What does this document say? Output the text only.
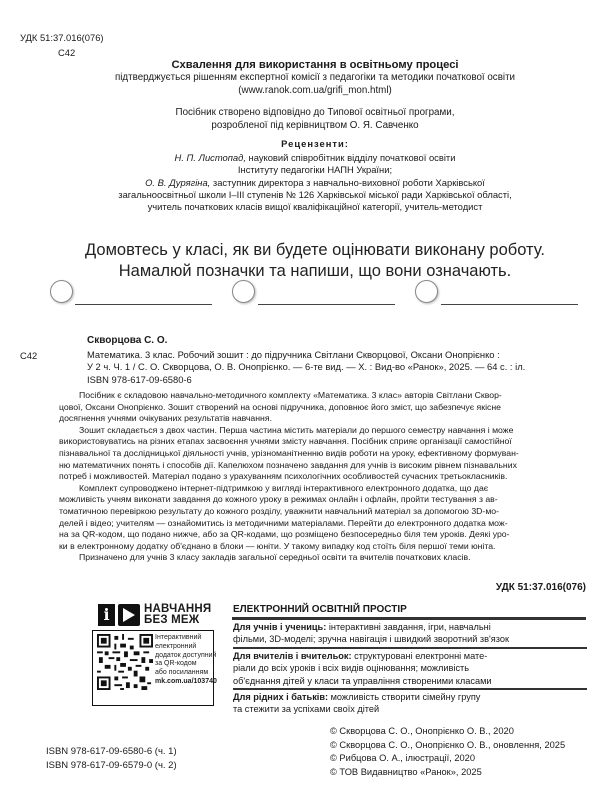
УДК 51:37.016(076)
C42
Схвалення для використання в освітньому процесі
підтверджується рішенням експертної комісії з педагогіки та методики початкової освіти
(www.ranok.com.ua/grifi_mon.html)
Посібник створено відповідно до Типової освітньої програми,
розробленої під керівництвом О. Я. Савченко
Рецензенти:
Н. П. Листопад, науковий співробітник відділу початкової освіти
Інституту педагогіки НАПН України;
О. В. Дурягіна, заступник директора з навчально-виховної роботи Харківської
загальноосвітньої школи I–III ступенів № 126 Харківської міської ради Харківської області,
учитель початкових класів вищої кваліфікаційної категорії, учитель-методист
Домовтесь у класі, як ви будете оцінювати виконану роботу.
Намалюй позначки та напиши, що вони означають.
Скворцова С. О.
С42	Математика. 3 клас. Робочий зошит : до підручника Світлани Скворцової, Оксани Онопрієнко :
У 2 ч. Ч. 1 / С. О. Скворцова, О. В. Онопрієнко. — 6-те вид. — Х. : Вид-во «Ранок», 2025. — 64 с. : іл.
ISBN 978-617-09-6580-6
Посібник є складовою навчально-методичного комплекту «Математика. 3 клас» авторів Світлани Сквор-
цової, Оксани Онопрієнко. Зошит створений на основі підручника, доповнює його зміст, що забезпечує якісне
досягнення учнями очікуваних результатів навчання.
Зошит складається з двох частин. Перша частина містить матеріали до першого семестру навчання і може
використовуватись на різних етапах засвоєння учнями змісту навчання. Посібник сприяє організації самостійної
пізнавальної та дослідницької діяльності учнів, урізноманітненню видів роботи на уроку, ефективному формуван-
ню математичних понять і способів дії. Капелюхом позначено завдання для учнів із високим рівнем пізнавальних
потреб і можливостей. Матеріал подано з урахуванням психологічних особливостей сучасних третьокласників.
Комплект супроводжено інтернет-підтримкою у вигляді інтерактивного електронного додатка, що дає
можливість учням виконати завдання до кожного уроку в режимах онлайн і офлайн, пройти тестування з ав-
томатичною перевіркою результату до кожного розділу, уважнити навчальний матеріал за допомогою 3D-мо-
делей і відео; учителям — ознайомитись із методичними матеріалами. Перейти до електронного додатка мож-
на за QR-кодом, що подано нижче, або за QR-кодами, що розміщено безпосередньо біля тем уроків. Деякі уро-
ки в електронному додатку об'єднано в блоки — юніти. У такому випадку код стоїть біля першої теми юніта.
Призначено для учнів 3 класу закладів загальної середньої освіти та вчителів початкових класів.
УДК 51:37.016(076)
i	НАВЧАННЯ
БЕЗ МЕЖ
Інтерактивний
електронний
додаток доступний
за QR-кодом
або посиланням
mk.com.ua/103740
ЕЛЕКТРОННИЙ ОСВІТНІЙ ПРОСТІР
Для учнів і учениць: інтерактивні завдання, ігри, навчальні
фільми, 3D-моделі; зручна навігація і швидкий зворотний зв'язок
Для вчителів і вчительок: структуровані електронні мате-
ріали до всіх уроків і всіх видів оцінювання; можливість
об'єднання дітей у класи та управління створеними класами
Для рідних і батьків: можливість створити сімейну групу
та стежити за успіхами своїх дітей
ISBN 978-617-09-6580-6 (ч. 1)
ISBN 978-617-09-6579-0 (ч. 2)
© Скворцова С. О., Онопрієнко О. В., 2020
© Скворцова С. О., Онопрієнко О. В., оновлення, 2025
© Рибцова О. А., ілюстрації, 2020
© ТОВ Видавництво «Ранок», 2025
